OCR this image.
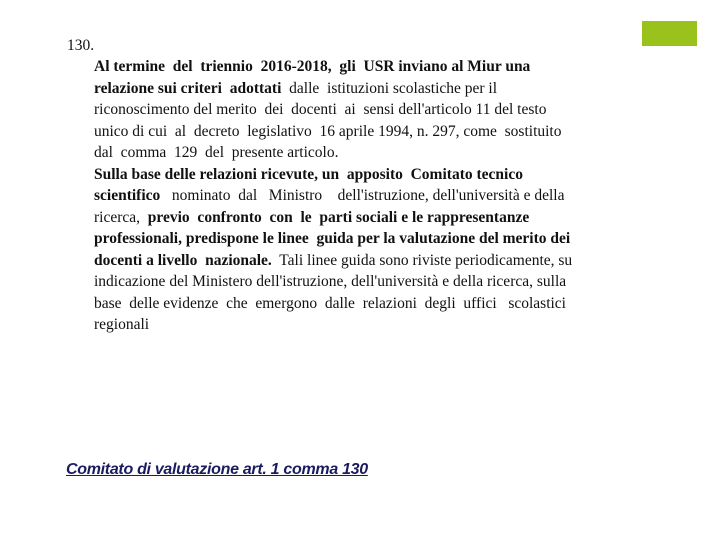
130.
Al termine  del  triennio  2016-2018,  gli  USR inviano al Miur una
relazione sui criteri  adottati  dalle  istituzioni scolastiche per il
riconoscimento del merito  dei  docenti  ai  sensi dell'articolo 11 del testo
unico di cui  al  decreto  legislativo  16 aprile 1994, n. 297, come  sostituito
dal  comma  129  del  presente articolo.
Sulla base delle relazioni ricevute, un  apposito  Comitato tecnico
scientifico   nominato  dal   Ministro    dell'istruzione, dell'università e della
ricerca,  previo  confronto  con  le  parti sociali e le rappresentanze
professionali, predispone le linee  guida per la valutazione del merito dei
docenti a livello  nazionale.  Tali linee guida sono riviste periodicamente, su
indicazione del Ministero dell'istruzione, dell'università e della ricerca, sulla
base  delle evidenze  che  emergono  dalle  relazioni  degli  uffici   scolastici
regionali
Comitato di valutazione art. 1 comma 130
